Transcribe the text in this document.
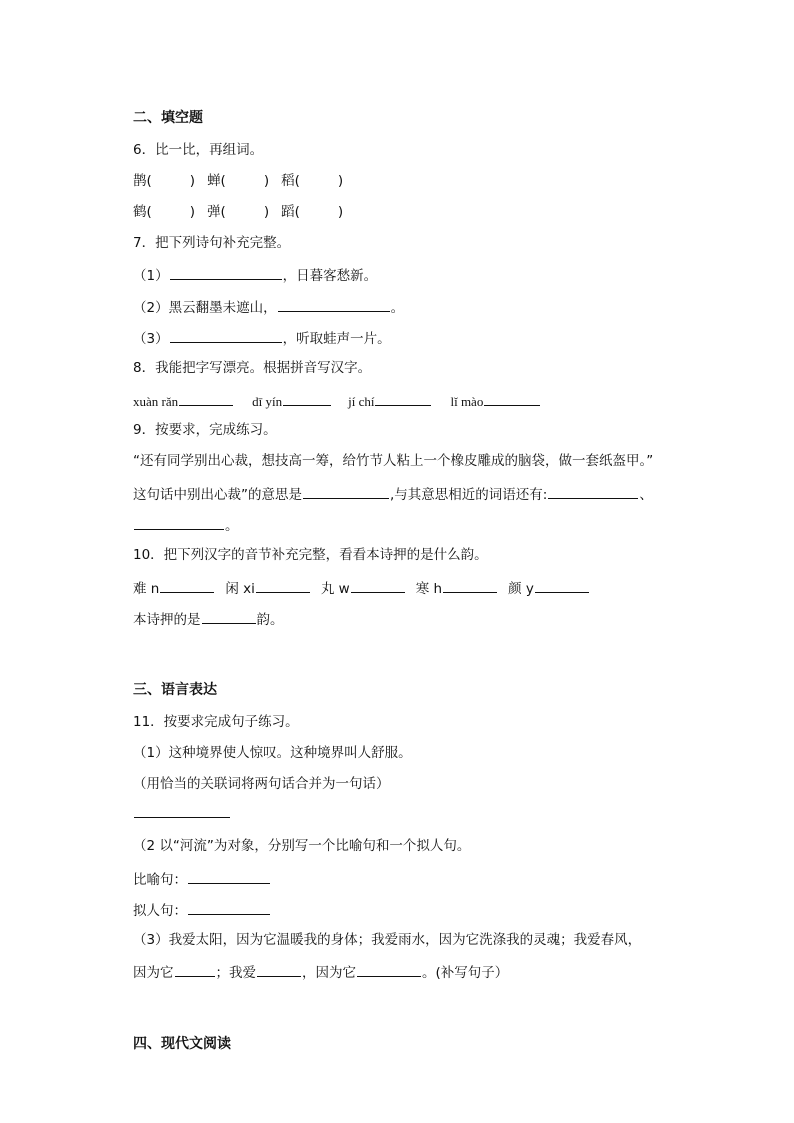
二、填空题
6．比一比，再组词。
鹊(	) 蝉(	) 稻(	)
鹤(	) 弹(	) 蹈(	)
7．把下列诗句补充完整。
（1）	，日暮客愁新。
（2）黑云翻墨未遮山，	。
（3）	，听取蛙声一片。
8．我能把字写漂亮。根据拼音写汉字。
xuàn rǎn	dī yín	jí chí	lǐ mào
9．按要求，完成练习。
“还有同学别出心裁，想技高一筹，给竹节人粘上一个橡皮雕成的脑袋，做一套纸盔甲。”
这句话中别出心裁”的意思是	,与其意思相近的词语还有:	、
。
10．把下列汉字的音节补充完整，看看本诗押的是什么韵。
难 n	闲 xi	丸 w	寒 h	颜 y
本诗押的是	韵。
三、语言表达
11．按要求完成句子练习。
（1）这种境界使人惊叹。这种境界叫人舒服。
（用恰当的关联词将两句话合并为一句话）
（2 以“河流”为对象，分别写一个比喻句和一个拟人句。
比喻句：
拟人句：
（3）我爱太阳，因为它温暖我的身体；我爱雨水，因为它洗涤我的灵魂；我爱春风，
因为它	；我爱	，因为它	。(补写句子）
四、现代文阅读
